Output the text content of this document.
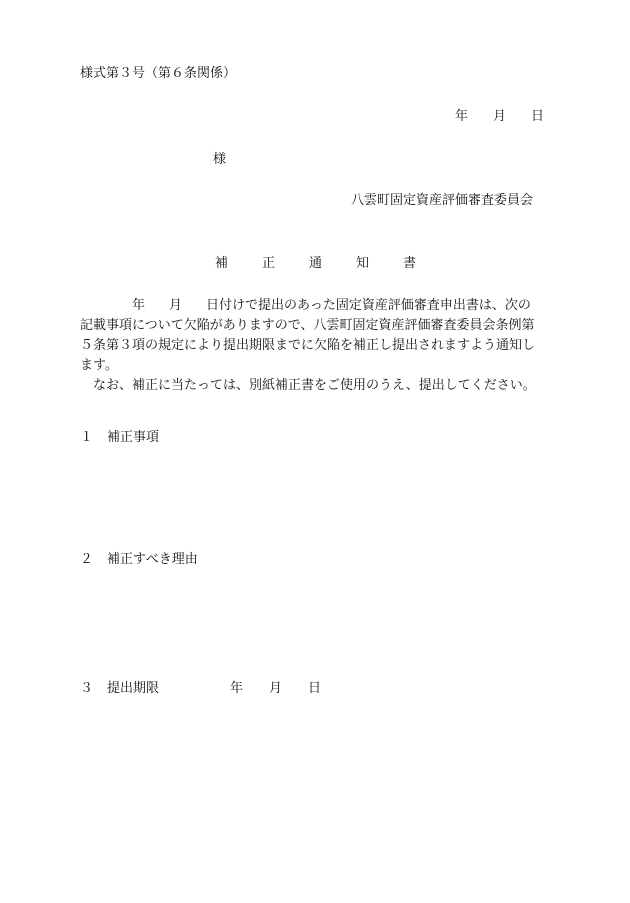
様式第３号（第６条関係）
年 月 日
様
八雲町固定資産評価審査委員会
補	正	通	知	書
年 月 日付けで提出のあった固定資産評価審査申出書は、次の
記載事項について欠陥がありますので、八雲町固定資産評価審査委員会条例第
５条第３項の規定により提出期限までに欠陥を補正し提出されますよう通知し
ます。
なお、補正に当たっては、別紙補正書をご使用のうえ、提出してください。
１ 補正事項
２ 補正すべき理由
３ 提出期限	年 月 日
